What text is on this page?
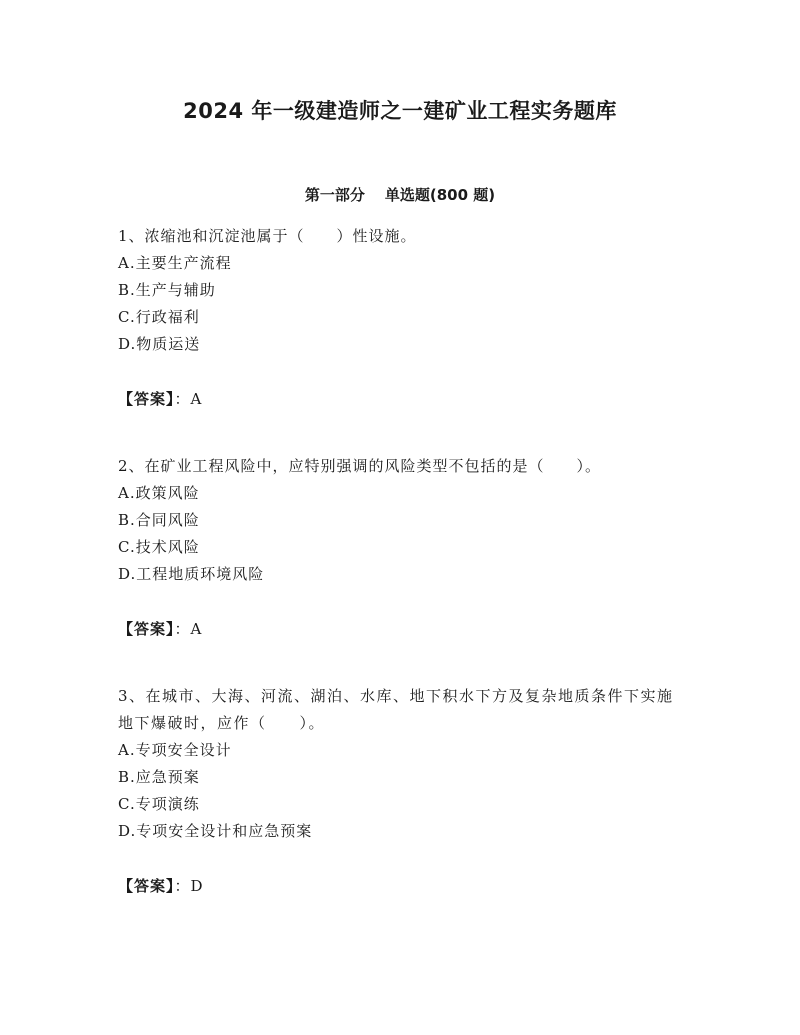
2024 年一级建造师之一建矿业工程实务题库
第一部分 单选题(800 题)
1、浓缩池和沉淀池属于（　　）性设施。
A.主要生产流程
B.生产与辅助
C.行政福利
D.物质运送
【答案】：A
2、在矿业工程风险中，应特别强调的风险类型不包括的是（　　）。
A.政策风险
B.合同风险
C.技术风险
D.工程地质环境风险
【答案】：A
3、在城市、大海、河流、湖泊、水库、地下积水下方及复杂地质条件下实施地下爆破时，应作（　　）。
A.专项安全设计
B.应急预案
C.专项演练
D.专项安全设计和应急预案
【答案】：D
